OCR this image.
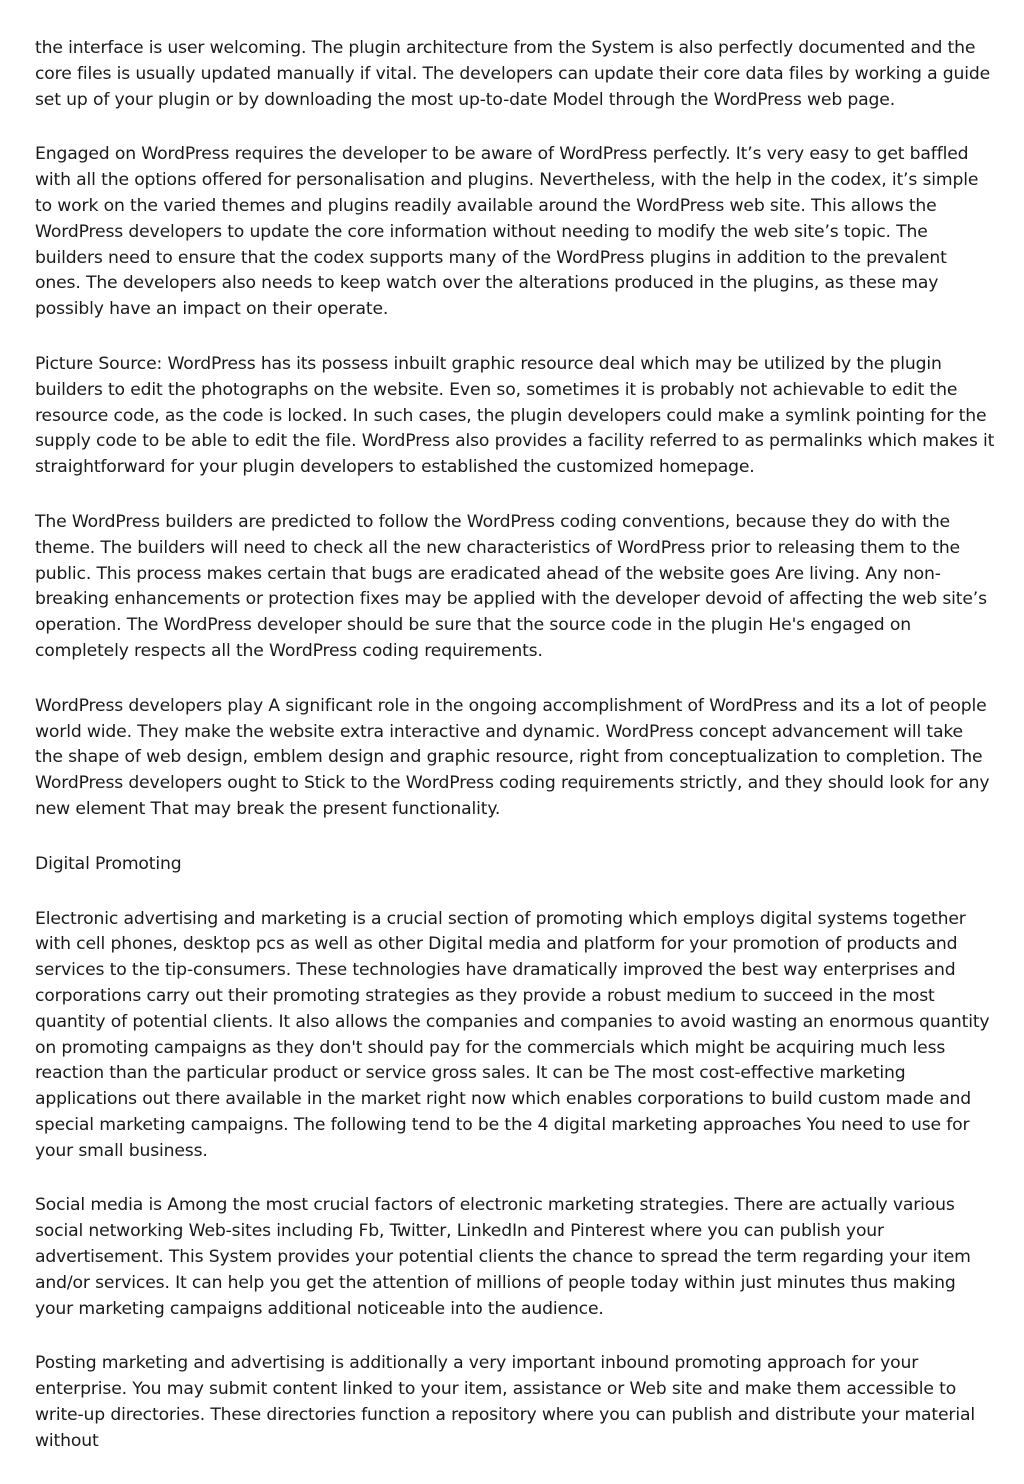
the interface is user welcoming. The plugin architecture from the System is also perfectly documented and the core files is usually updated manually if vital. The developers can update their core data files by working a guide set up of your plugin or by downloading the most up-to-date Model through the WordPress web page.

Engaged on WordPress requires the developer to be aware of WordPress perfectly. It’s very easy to get baffled with all the options offered for personalisation and plugins. Nevertheless, with the help in the codex, it’s simple to work on the varied themes and plugins readily available around the WordPress web site. This allows the WordPress developers to update the core information without needing to modify the web site’s topic. The builders need to ensure that the codex supports many of the WordPress plugins in addition to the prevalent ones. The developers also needs to keep watch over the alterations produced in the plugins, as these may possibly have an impact on their operate.

Picture Source: WordPress has its possess inbuilt graphic resource deal which may be utilized by the plugin builders to edit the photographs on the website. Even so, sometimes it is probably not achievable to edit the resource code, as the code is locked. In such cases, the plugin developers could make a symlink pointing for the supply code to be able to edit the file. WordPress also provides a facility referred to as permalinks which makes it straightforward for your plugin developers to established the customized homepage.

The WordPress builders are predicted to follow the WordPress coding conventions, because they do with the theme. The builders will need to check all the new characteristics of WordPress prior to releasing them to the public. This process makes certain that bugs are eradicated ahead of the website goes Are living. Any non-breaking enhancements or protection fixes may be applied with the developer devoid of affecting the web site’s operation. The WordPress developer should be sure that the source code in the plugin He's engaged on completely respects all the WordPress coding requirements.

WordPress developers play A significant role in the ongoing accomplishment of WordPress and its a lot of people world wide. They make the website extra interactive and dynamic. WordPress concept advancement will take the shape of web design, emblem design and graphic resource, right from conceptualization to completion. The WordPress developers ought to Stick to the WordPress coding requirements strictly, and they should look for any new element That may break the present functionality.

Digital Promoting

Electronic advertising and marketing is a crucial section of promoting which employs digital systems together with cell phones, desktop pcs as well as other Digital media and platform for your promotion of products and services to the tip-consumers. These technologies have dramatically improved the best way enterprises and corporations carry out their promoting strategies as they provide a robust medium to succeed in the most quantity of potential clients. It also allows the companies and companies to avoid wasting an enormous quantity on promoting campaigns as they don't should pay for the commercials which might be acquiring much less reaction than the particular product or service gross sales. It can be The most cost-effective marketing applications out there available in the market right now which enables corporations to build custom made and special marketing campaigns. The following tend to be the 4 digital marketing approaches You need to use for your small business.

Social media is Among the most crucial factors of electronic marketing strategies. There are actually various social networking Web-sites including Fb, Twitter, LinkedIn and Pinterest where you can publish your advertisement. This System provides your potential clients the chance to spread the term regarding your item and/or services. It can help you get the attention of millions of people today within just minutes thus making your marketing campaigns additional noticeable into the audience.

Posting marketing and advertising is additionally a very important inbound promoting approach for your enterprise. You may submit content linked to your item, assistance or Web site and make them accessible to write-up directories. These directories function a repository where you can publish and distribute your material without
